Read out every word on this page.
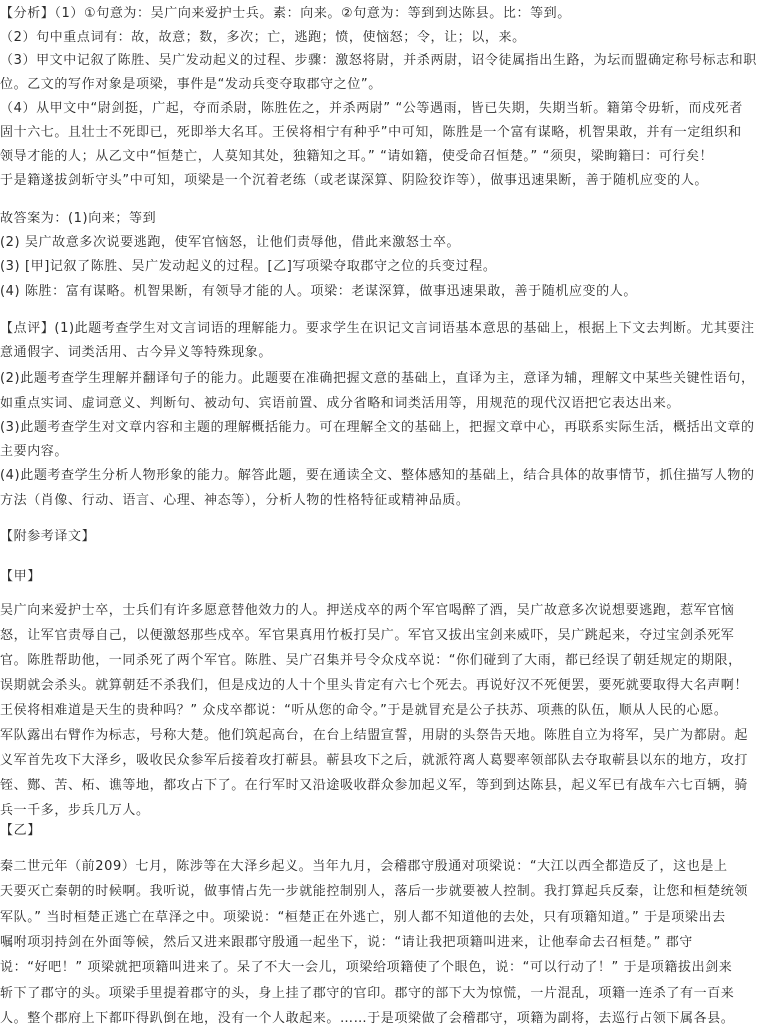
【分析】（1）①句意为：吴广向来爱护士兵。素：向来。②句意为：等到到达陈县。比：等到。
（2）句中重点词有：故，故意；数，多次；亡，逃跑；愤，使恼怒；令，让；以，来。
（3）甲文中记叙了陈胜、吴广发动起义的过程、步骤：激怒将尉，并杀两尉，诏令徒属指出生路，为坛而盟确定称号标志和职
位。乙文的写作对象是项梁，事件是“发动兵变夺取郡守之位”。
（4）从甲文中“尉剑挺，广起，夺而杀尉，陈胜佐之，并杀两尉” “公等遇雨，皆已失期，失期当斩。籍第令毋斩，而戍死者
固十六七。且壮士不死即已，死即举大名耳。王侯将相宁有种乎”中可知，陈胜是一个富有谋略，机智果敢，并有一定组织和
领导才能的人；从乙文中“恒楚亡，人莫知其处，独籍知之耳。” “请如籍，使受命召恒楚。” “须臾，梁眴籍曰：可行矣！
于是籍遂拔剑斩守头”中可知，项梁是一个沉着老练（或老谋深算、阴险狡诈等），做事迅速果断，善于随机应变的人。
故答案为：(1)向来；等到
(2) 吴广故意多次说要逃跑，使军官恼怒，让他们责辱他，借此来激怒士卒。
(3) [甲]记叙了陈胜、吴广发动起义的过程。[乙]写项梁夺取郡守之位的兵变过程。
(4) 陈胜：富有谋略。机智果断，有领导才能的人。项梁：老谋深算，做事迅速果敢，善于随机应变的人。
【点评】(1)此题考查学生对文言词语的理解能力。要求学生在识记文言词语基本意思的基础上，根据上下文去判断。尤其要注
意通假字、词类活用、古今异义等特殊现象。
(2)此题考查学生理解并翻译句子的能力。此题要在准确把握文意的基础上，直译为主，意译为辅，理解文中某些关键性语句，
如重点实词、虚词意义、判断句、被动句、宾语前置、成分省略和词类活用等，用规范的现代汉语把它表达出来。
(3)此题考查学生对文章内容和主题的理解概括能力。可在理解全文的基础上，把握文章中心，再联系实际生活，概括出文章的
主要内容。
(4)此题考查学生分析人物形象的能力。解答此题，要在通读全文、整体感知的基础上，结合具体的故事情节，抓住描写人物的
方法（肖像、行动、语言、心理、神态等），分析人物的性格特征或精神品质。
【附参考译文】
【甲】
吴广向来爱护士卒，士兵们有许多愿意替他效力的人。押送戍卒的两个军官喝醉了酒，吴广故意多次说想要逃跑，惹军官恼
怒，让军官责辱自己，以便激怒那些戍卒。军官果真用竹板打吴广。军官又拔出宝剑来威吓，吴广跳起来，夺过宝剑杀死军
官。陈胜帮助他，一同杀死了两个军官。陈胜、吴广召集并号令众戍卒说：“你们碰到了大雨，都已经误了朝廷规定的期限，
误期就会杀头。就算朝廷不杀我们，但是戍边的人十个里头肯定有六七个死去。再说好汉不死便罢，要死就要取得大名声啊！
王侯将相难道是天生的贵种吗？” 众戍卒都说：“听从您的命令。”于是就冒充是公子扶苏、项燕的队伍，顺从人民的心愿。
军队露出右臂作为标志，号称大楚。他们筑起高台，在台上结盟宣誓，用尉的头祭告天地。陈胜自立为将军，吴广为都尉。起
义军首先攻下大泽乡，吸收民众参军后接着攻打蕲县。蕲县攻下之后，就派符离人葛婴率领部队去夺取蕲县以东的地方，攻打
铚、酂、苦、柘、谯等地，都攻占下了。在行军时又沿途吸收群众参加起义军，等到到达陈县，起义军已有战车六七百辆，骑
兵一千多，步兵几万人。
【乙】
秦二世元年（前209）七月，陈涉等在大泽乡起义。当年九月，会稽郡守殷通对项梁说：“大江以西全都造反了，这也是上
天要灭亡秦朝的时候啊。我听说，做事情占先一步就能控制别人，落后一步就要被人控制。我打算起兵反秦，让您和桓楚统领
军队。” 当时桓楚正逃亡在草泽之中。项梁说：“桓楚正在外逃亡，别人都不知道他的去处，只有项籍知道。” 于是项梁出去
嘱咐项羽持剑在外面等候，然后又进来跟郡守殷通一起坐下，说：“请让我把项籍叫进来，让他奉命去召桓楚。” 郡守
说：“好吧！” 项梁就把项籍叫进来了。呆了不大一会儿，项梁给项籍使了个眼色，说：“可以行动了！” 于是项籍拔出剑来
斩下了郡守的头。项梁手里提着郡守的头，身上挂了郡守的官印。郡守的部下大为惊慌，一片混乱，项籍一连杀了有一百来
人。整个郡府上下都吓得趴倒在地，没有一个人敢起来。……于是项梁做了会稽郡守，项籍为副将，去巡行占领下属各县。
